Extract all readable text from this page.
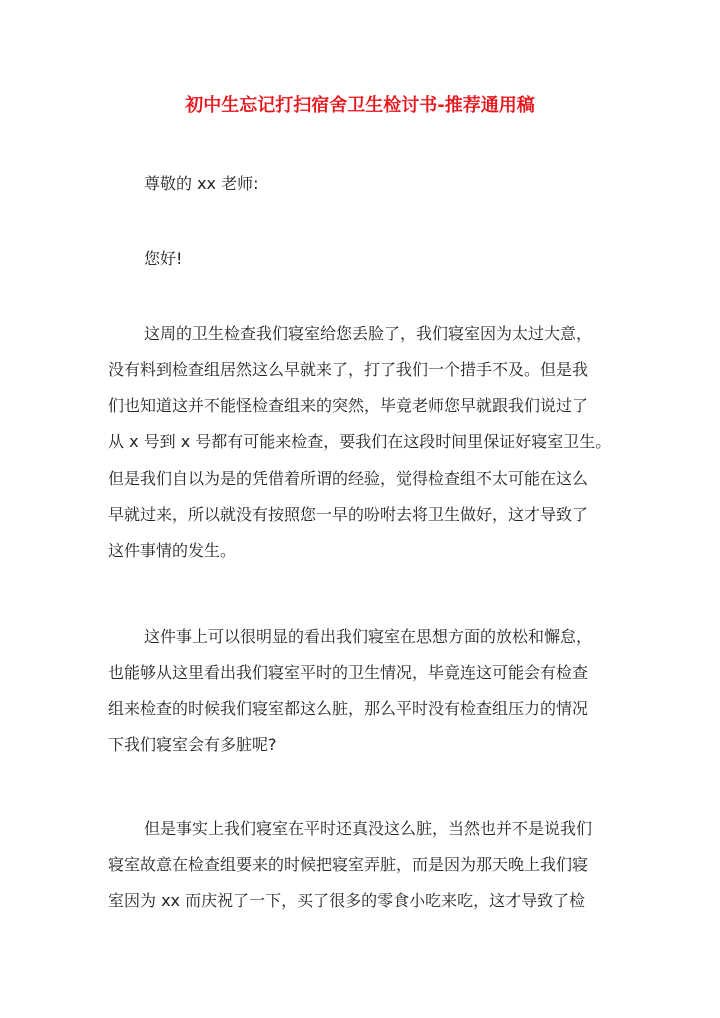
初中生忘记打扫宿舍卫生检讨书-推荐通用稿
尊敬的 xx 老师:
您好!
这周的卫生检查我们寝室给您丢脸了，我们寝室因为太过大意，
没有料到检查组居然这么早就来了，打了我们一个措手不及。但是我
们也知道这并不能怪检查组来的突然，毕竟老师您早就跟我们说过了
从 x 号到 x 号都有可能来检查，要我们在这段时间里保证好寝室卫生。
但是我们自以为是的凭借着所谓的经验，觉得检查组不太可能在这么
早就过来，所以就没有按照您一早的吩咐去将卫生做好，这才导致了
这件事情的发生。
这件事上可以很明显的看出我们寝室在思想方面的放松和懈怠，
也能够从这里看出我们寝室平时的卫生情况，毕竟连这可能会有检查
组来检查的时候我们寝室都这么脏，那么平时没有检查组压力的情况
下我们寝室会有多脏呢?
但是事实上我们寝室在平时还真没这么脏，当然也并不是说我们
寝室故意在检查组要来的时候把寝室弄脏，而是因为那天晚上我们寝
室因为 xx 而庆祝了一下，买了很多的零食小吃来吃，这才导致了检
